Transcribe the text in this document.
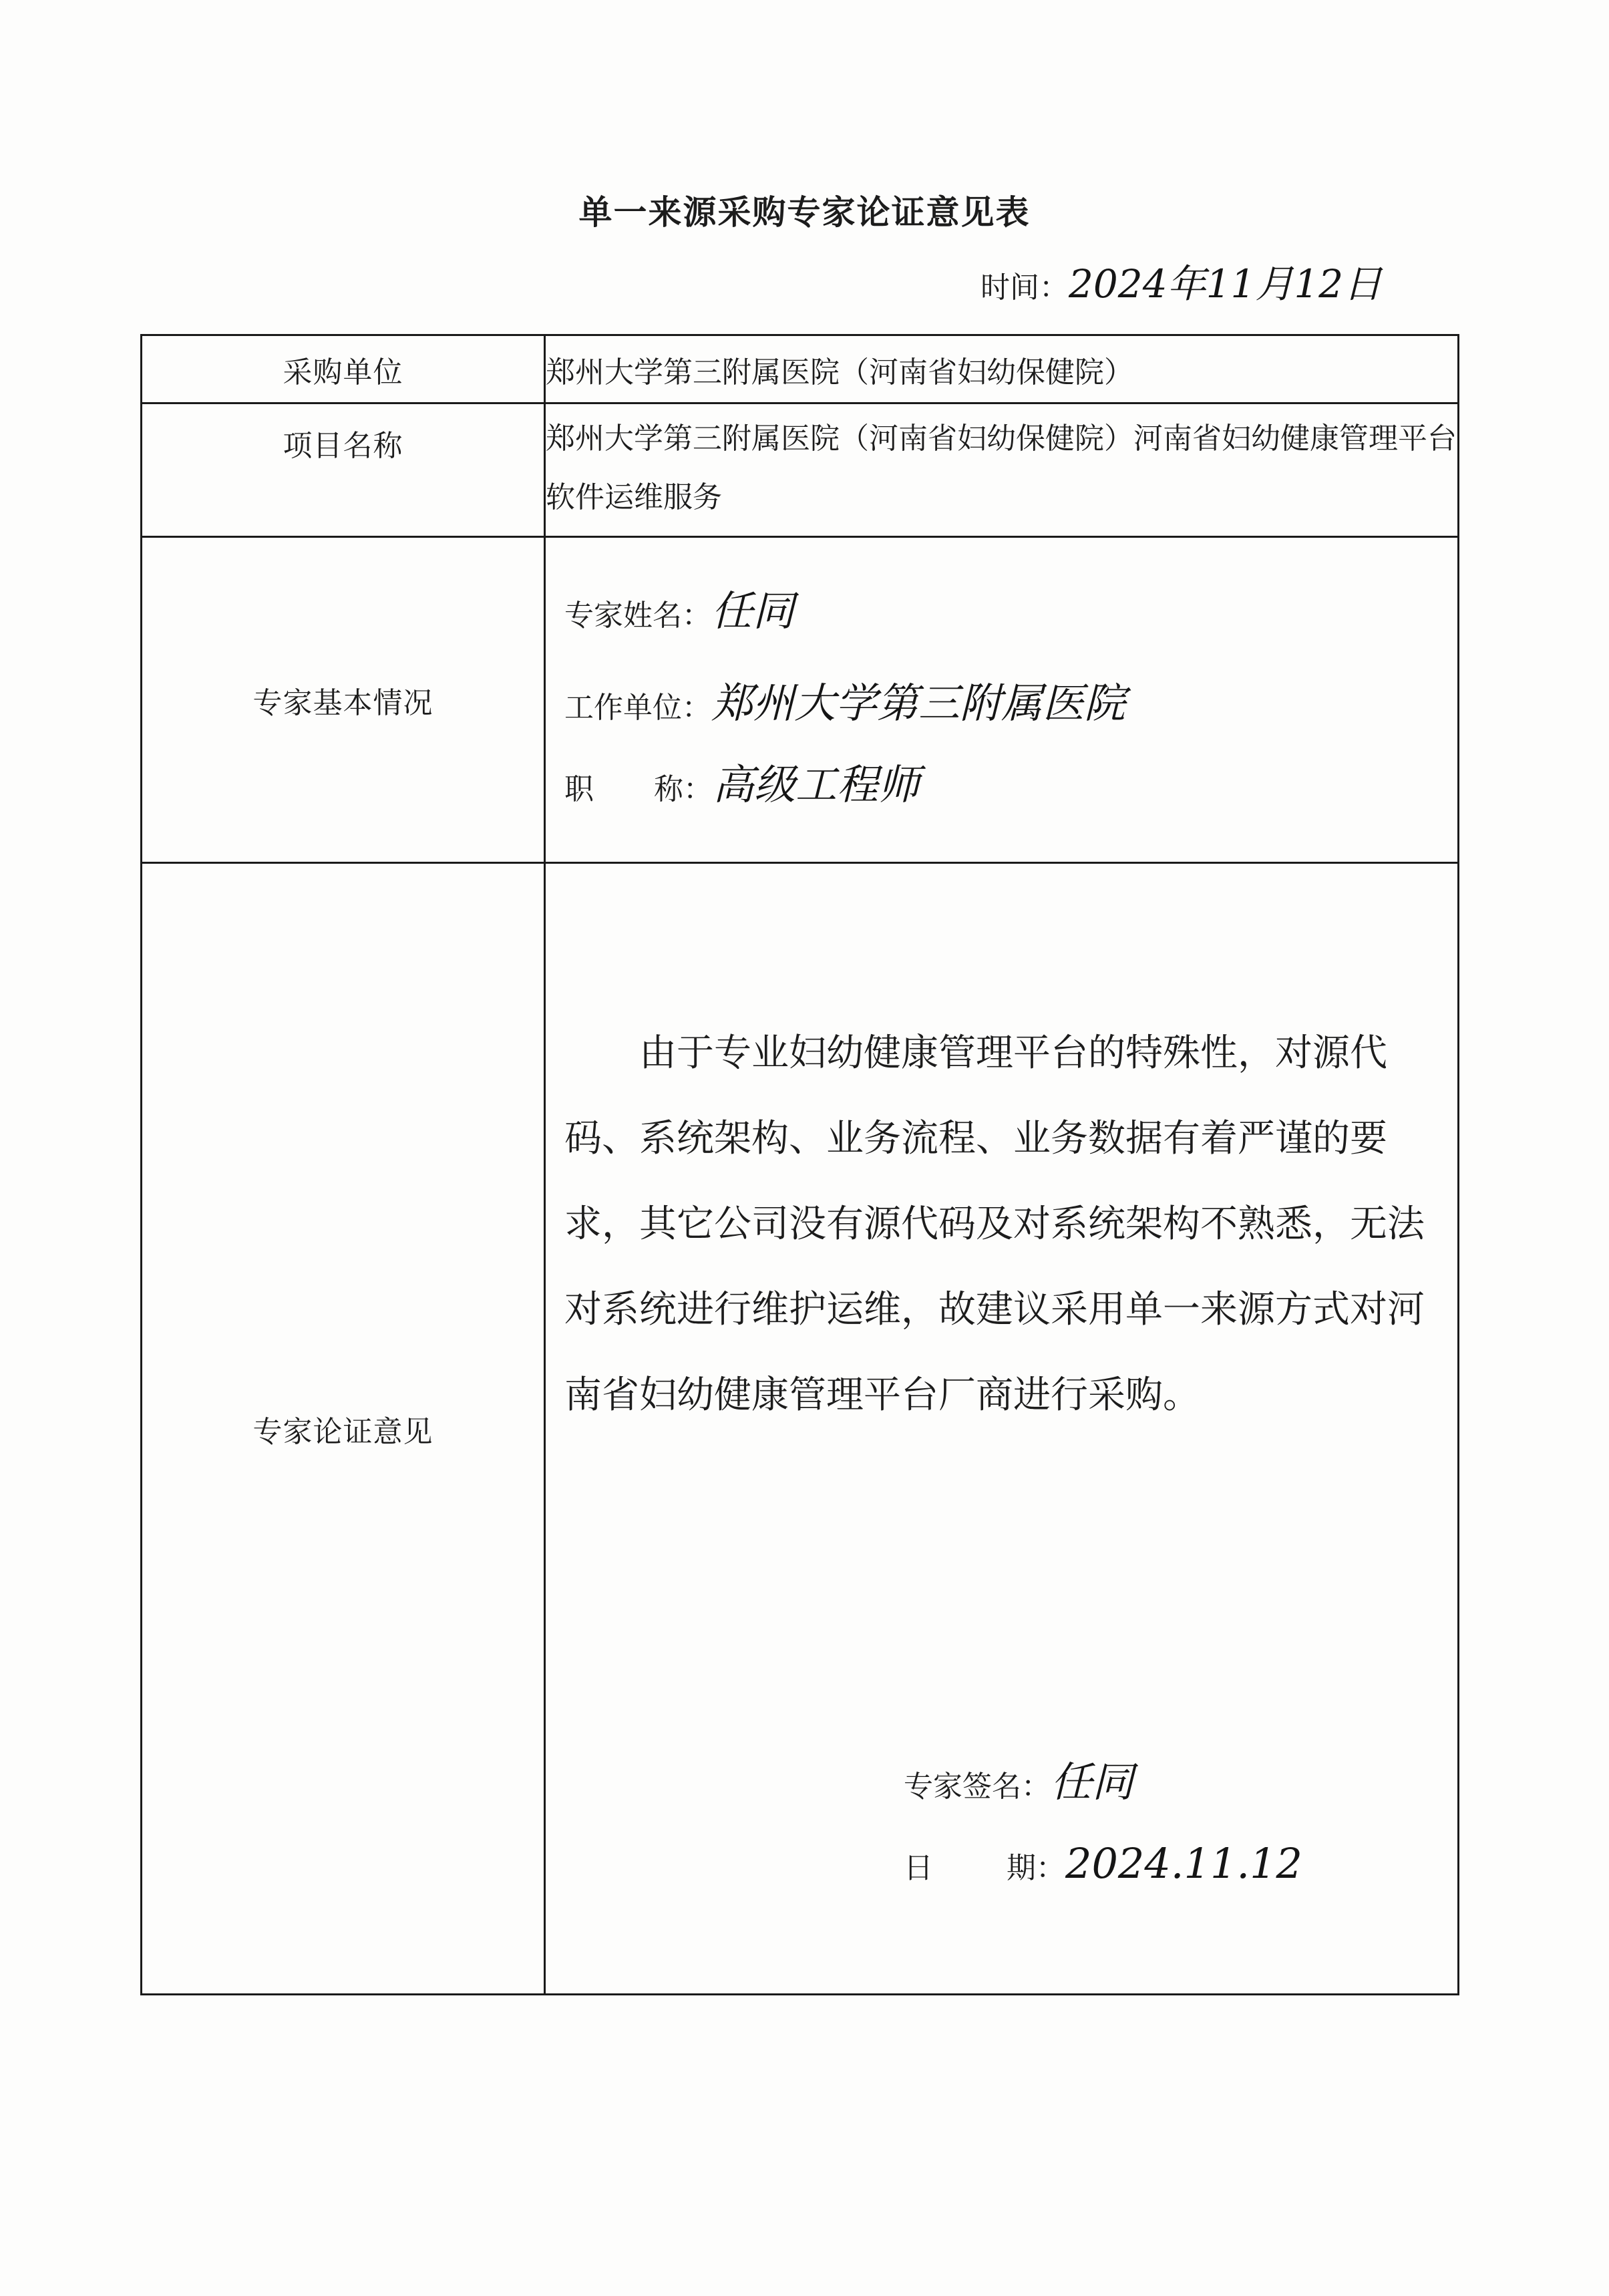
单一来源采购专家论证意见表
时间：2024年11月12日
采购单位	郑州大学第三附属医院（河南省妇幼保健院）
项目名称	郑州大学第三附属医院（河南省妇幼保健院）河南省妇幼健康管理平台软件运维服务

专家基本情况	专家姓名：任同
工作单位：郑州大学第三附属医院
职 称：高级工程师

专家论证意见	由于专业妇幼健康管理平台的特殊性，对源代码、系统架构、业务流程、业务数据有着严谨的要求，其它公司没有源代码及对系统架构不熟悉，无法对系统进行维护运维，故建议采用单一来源方式对河南省妇幼健康管理平台厂商进行采购。
专家签名：任同
日 期：2024.11.12
